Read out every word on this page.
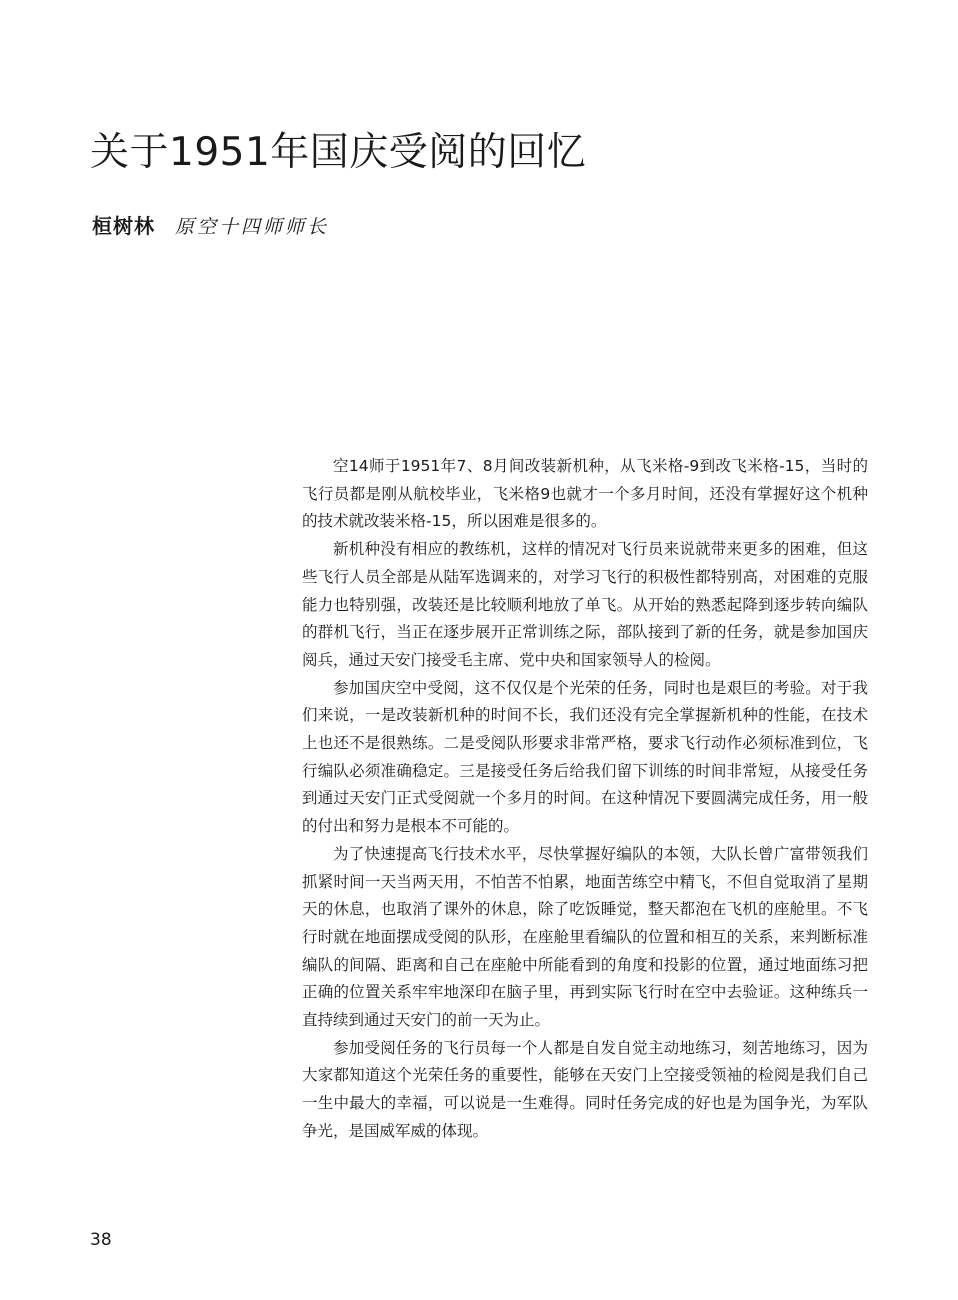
关于1951年国庆受阅的回忆
桓树林 原空十四师师长

空14师于1951年7、8月间改装新机种，从飞米格-9到改飞米格-15，当时的飞行员都是刚从航校毕业，飞米格9也就才一个多月时间，还没有掌握好这个机种的技术就改装米格-15，所以困难是很多的。

新机种没有相应的教练机，这样的情况对飞行员来说就带来更多的困难，但这些飞行人员全部是从陆军选调来的，对学习飞行的积极性都特别高，对困难的克服能力也特别强，改装还是比较顺利地放了单飞。从开始的熟悉起降到逐步转向编队的群机飞行，当正在逐步展开正常训练之际，部队接到了新的任务，就是参加国庆阅兵，通过天安门接受毛主席、党中央和国家领导人的检阅。

参加国庆空中受阅，这不仅仅是个光荣的任务，同时也是艰巨的考验。对于我们来说，一是改装新机种的时间不长，我们还没有完全掌握新机种的性能，在技术上也还不是很熟练。二是受阅队形要求非常严格，要求飞行动作必须标准到位，飞行编队必须准确稳定。三是接受任务后给我们留下训练的时间非常短，从接受任务到通过天安门正式受阅就一个多月的时间。在这种情况下要圆满完成任务，用一般的付出和努力是根本不可能的。

为了快速提高飞行技术水平，尽快掌握好编队的本领，大队长曾广富带领我们抓紧时间一天当两天用，不怕苦不怕累，地面苦练空中精飞，不但自觉取消了星期天的休息，也取消了课外的休息，除了吃饭睡觉，整天都泡在飞机的座舱里。不飞行时就在地面摆成受阅的队形，在座舱里看编队的位置和相互的关系，来判断标准编队的间隔、距离和自己在座舱中所能看到的角度和投影的位置，通过地面练习把正确的位置关系牢牢地深印在脑子里，再到实际飞行时在空中去验证。这种练兵一直持续到通过天安门的前一天为止。

参加受阅任务的飞行员每一个人都是自发自觉主动地练习，刻苦地练习，因为大家都知道这个光荣任务的重要性，能够在天安门上空接受领袖的检阅是我们自己一生中最大的幸福，可以说是一生难得。同时任务完成的好也是为国争光，为军队争光，是国威军威的体现。

38
